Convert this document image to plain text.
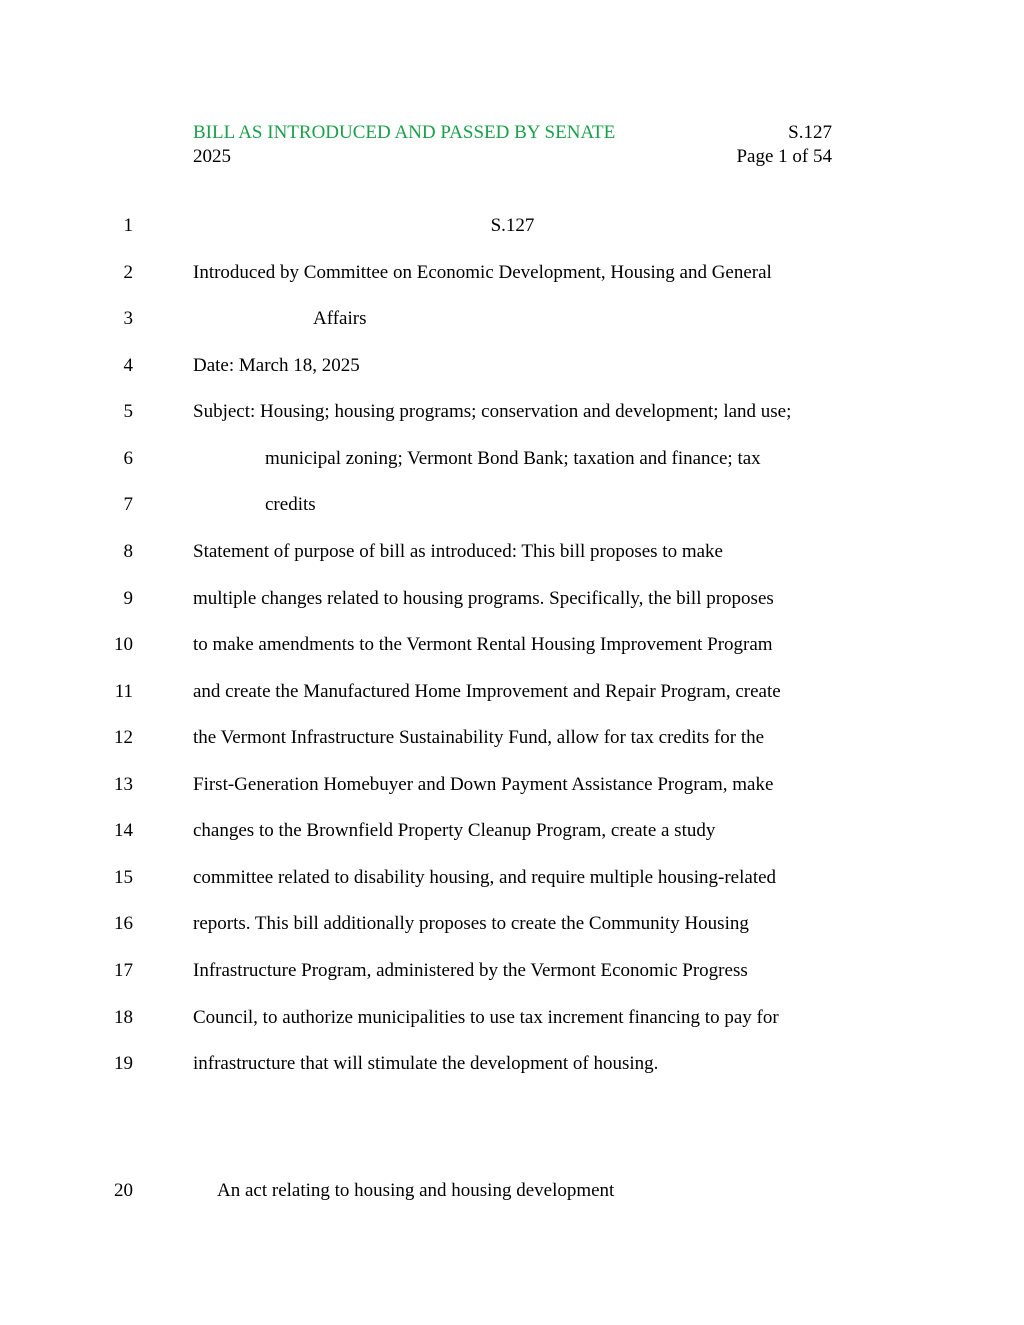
BILL AS INTRODUCED AND PASSED BY SENATE	S.127
2025	Page 1 of 54
1	S.127
2	Introduced by Committee on Economic Development, Housing and General
3	Affairs
4	Date: March 18, 2025
5	Subject: Housing; housing programs; conservation and development; land use;
6	municipal zoning; Vermont Bond Bank; taxation and finance; tax
7	credits
8	Statement of purpose of bill as introduced: This bill proposes to make
9	multiple changes related to housing programs. Specifically, the bill proposes
10	to make amendments to the Vermont Rental Housing Improvement Program
11	and create the Manufactured Home Improvement and Repair Program, create
12	the Vermont Infrastructure Sustainability Fund, allow for tax credits for the
13	First-Generation Homebuyer and Down Payment Assistance Program, make
14	changes to the Brownfield Property Cleanup Program, create a study
15	committee related to disability housing, and require multiple housing-related
16	reports. This bill additionally proposes to create the Community Housing
17	Infrastructure Program, administered by the Vermont Economic Progress
18	Council, to authorize municipalities to use tax increment financing to pay for
19	infrastructure that will stimulate the development of housing.
20	An act relating to housing and housing development
